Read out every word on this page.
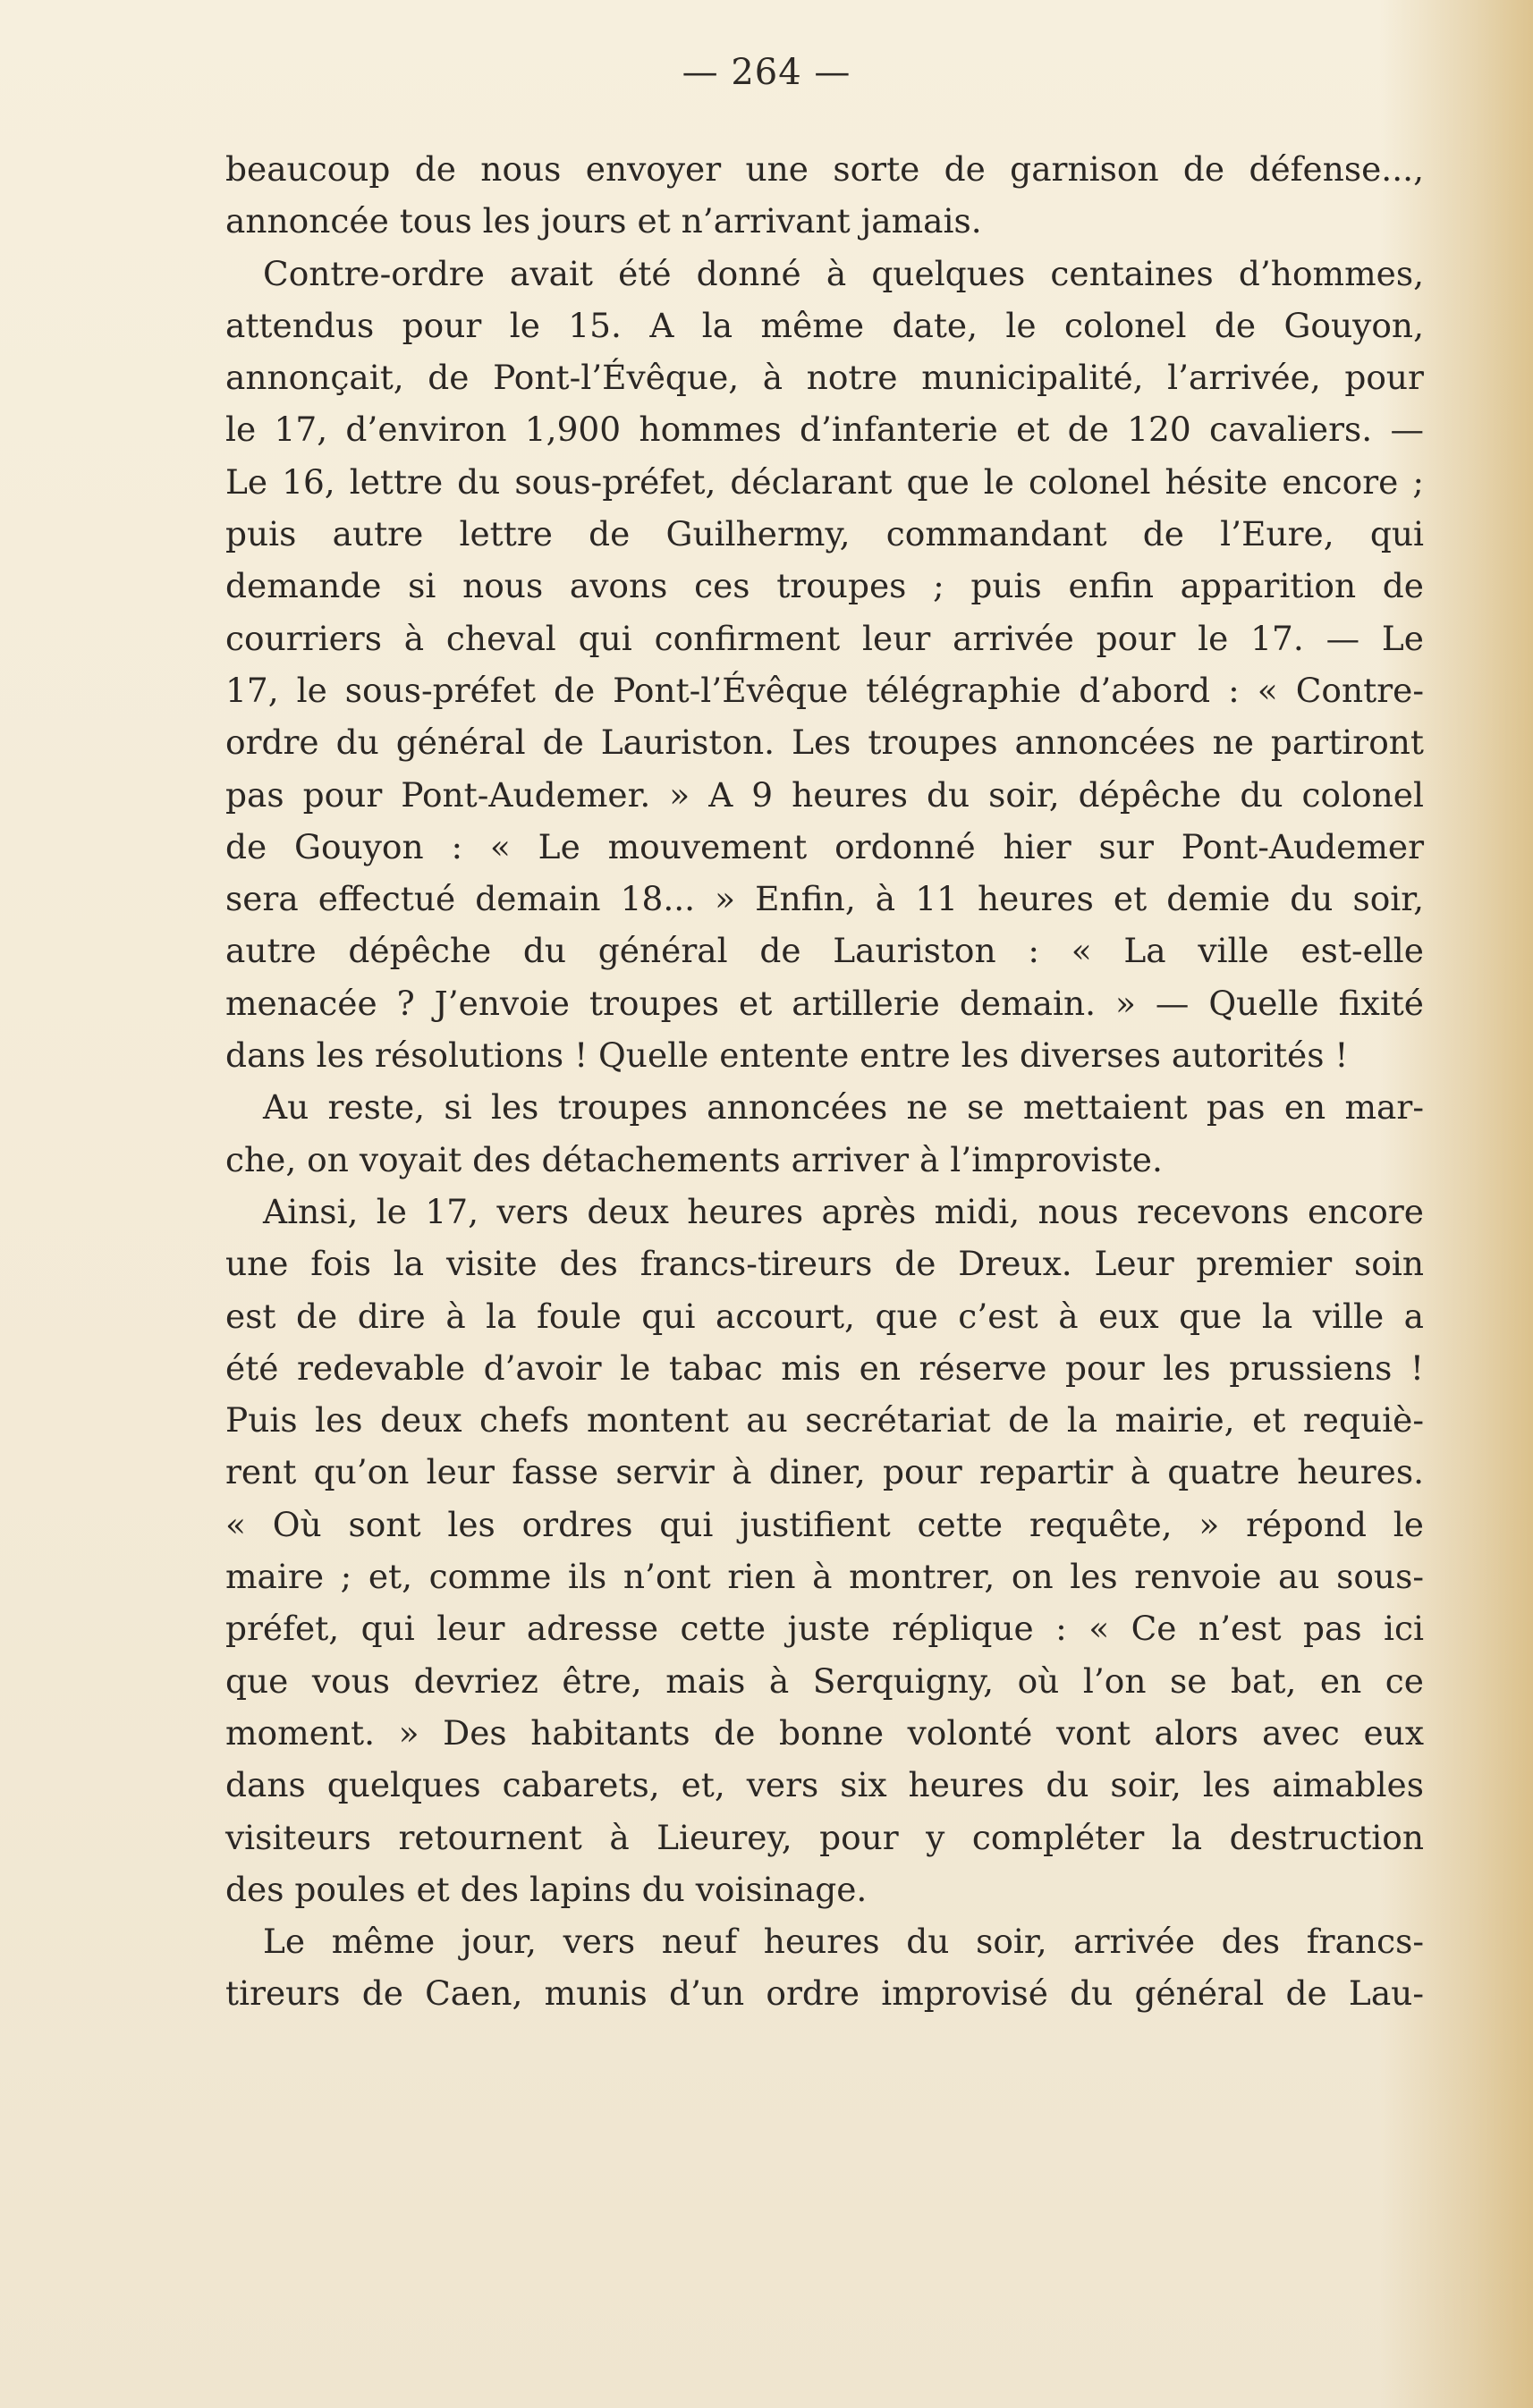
— 264 —
beaucoup de nous envoyer une sorte de garnison de défense...,
annoncée tous les jours et n’arrivant jamais.
Contre-ordre avait été donné à quelques centaines d’hommes,
attendus pour le 15. A la même date, le colonel de Gouyon,
annonçait, de Pont-l’Évêque, à notre municipalité, l’arrivée, pour
le 17, d’environ 1,900 hommes d’infanterie et de 120 cavaliers. —
Le 16, lettre du sous-préfet, déclarant que le colonel hésite encore ;
puis autre lettre de Guilhermy, commandant de l’Eure, qui
demande si nous avons ces troupes ; puis enfin apparition de
courriers à cheval qui confirment leur arrivée pour le 17. — Le
17, le sous-préfet de Pont-l’Évêque télégraphie d’abord : « Contre-
ordre du général de Lauriston. Les troupes annoncées ne partiront
pas pour Pont-Audemer. » A 9 heures du soir, dépêche du colonel
de Gouyon : « Le mouvement ordonné hier sur Pont-Audemer
sera effectué demain 18... » Enfin, à 11 heures et demie du soir,
autre dépêche du général de Lauriston : « La ville est-elle
menacée ? J’envoie troupes et artillerie demain. » — Quelle fixité
dans les résolutions ! Quelle entente entre les diverses autorités !
Au reste, si les troupes annoncées ne se mettaient pas en mar-
che, on voyait des détachements arriver à l’improviste.
Ainsi, le 17, vers deux heures après midi, nous recevons encore
une fois la visite des francs-tireurs de Dreux. Leur premier soin
est de dire à la foule qui accourt, que c’est à eux que la ville a
été redevable d’avoir le tabac mis en réserve pour les prussiens !
Puis les deux chefs montent au secrétariat de la mairie, et requiè-
rent qu’on leur fasse servir à diner, pour repartir à quatre heures.
« Où sont les ordres qui justifient cette requête, » répond le
maire ; et, comme ils n’ont rien à montrer, on les renvoie au sous-
préfet, qui leur adresse cette juste réplique : « Ce n’est pas ici
que vous devriez être, mais à Serquigny, où l’on se bat, en ce
moment. » Des habitants de bonne volonté vont alors avec eux
dans quelques cabarets, et, vers six heures du soir, les aimables
visiteurs retournent à Lieurey, pour y compléter la destruction
des poules et des lapins du voisinage.
Le même jour, vers neuf heures du soir, arrivée des francs-
tireurs de Caen, munis d’un ordre improvisé du général de Lau-
